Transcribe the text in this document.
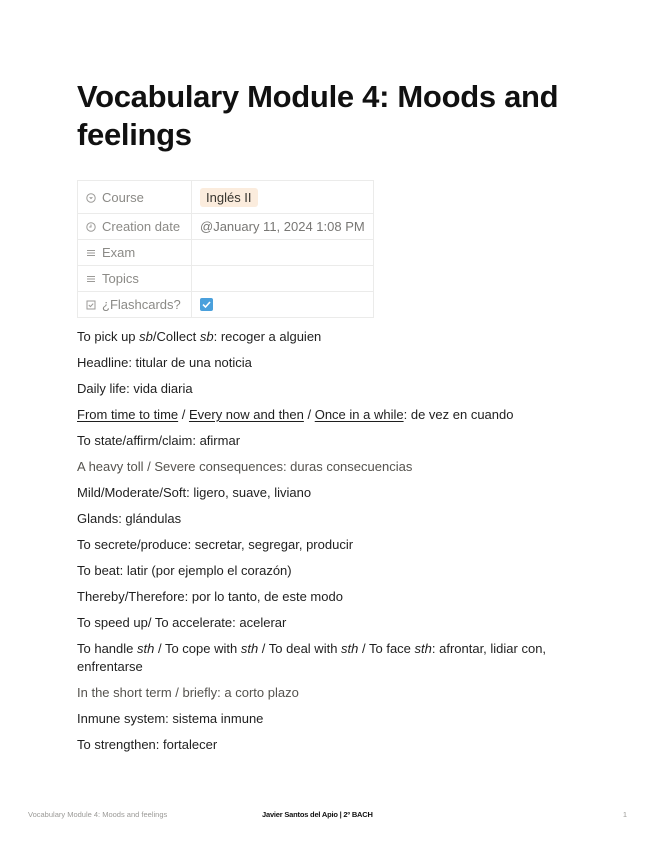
Vocabulary Module 4: Moods and feelings
Course	Inglés II
Creation date	@January 11, 2024 1:08 PM
Exam	
Topics	
¿Flashcards?	

To pick up sb/Collect sb: recoger a alguien

Headline: titular de una noticia

Daily life: vida diaria

From time to time / Every now and then / Once in a while: de vez en cuando

To state/affirm/claim: afirmar

A heavy toll / Severe consequences: duras consecuencias

Mild/Moderate/Soft: ligero, suave, liviano

Glands: glándulas

To secrete/produce: secretar, segregar, producir

To beat: latir (por ejemplo el corazón)

Thereby/Therefore: por lo tanto, de este modo

To speed up/ To accelerate: acelerar

To handle sth / To cope with sth / To deal with sth / To face sth: afrontar, lidiar con, enfrentarse

In the short term / briefly: a corto plazo

Inmune system: sistema inmune

To strengthen: fortalecer

Vocabulary Module 4: Moods and feelings	Javier Santos del Apio | 2º BACH	1
